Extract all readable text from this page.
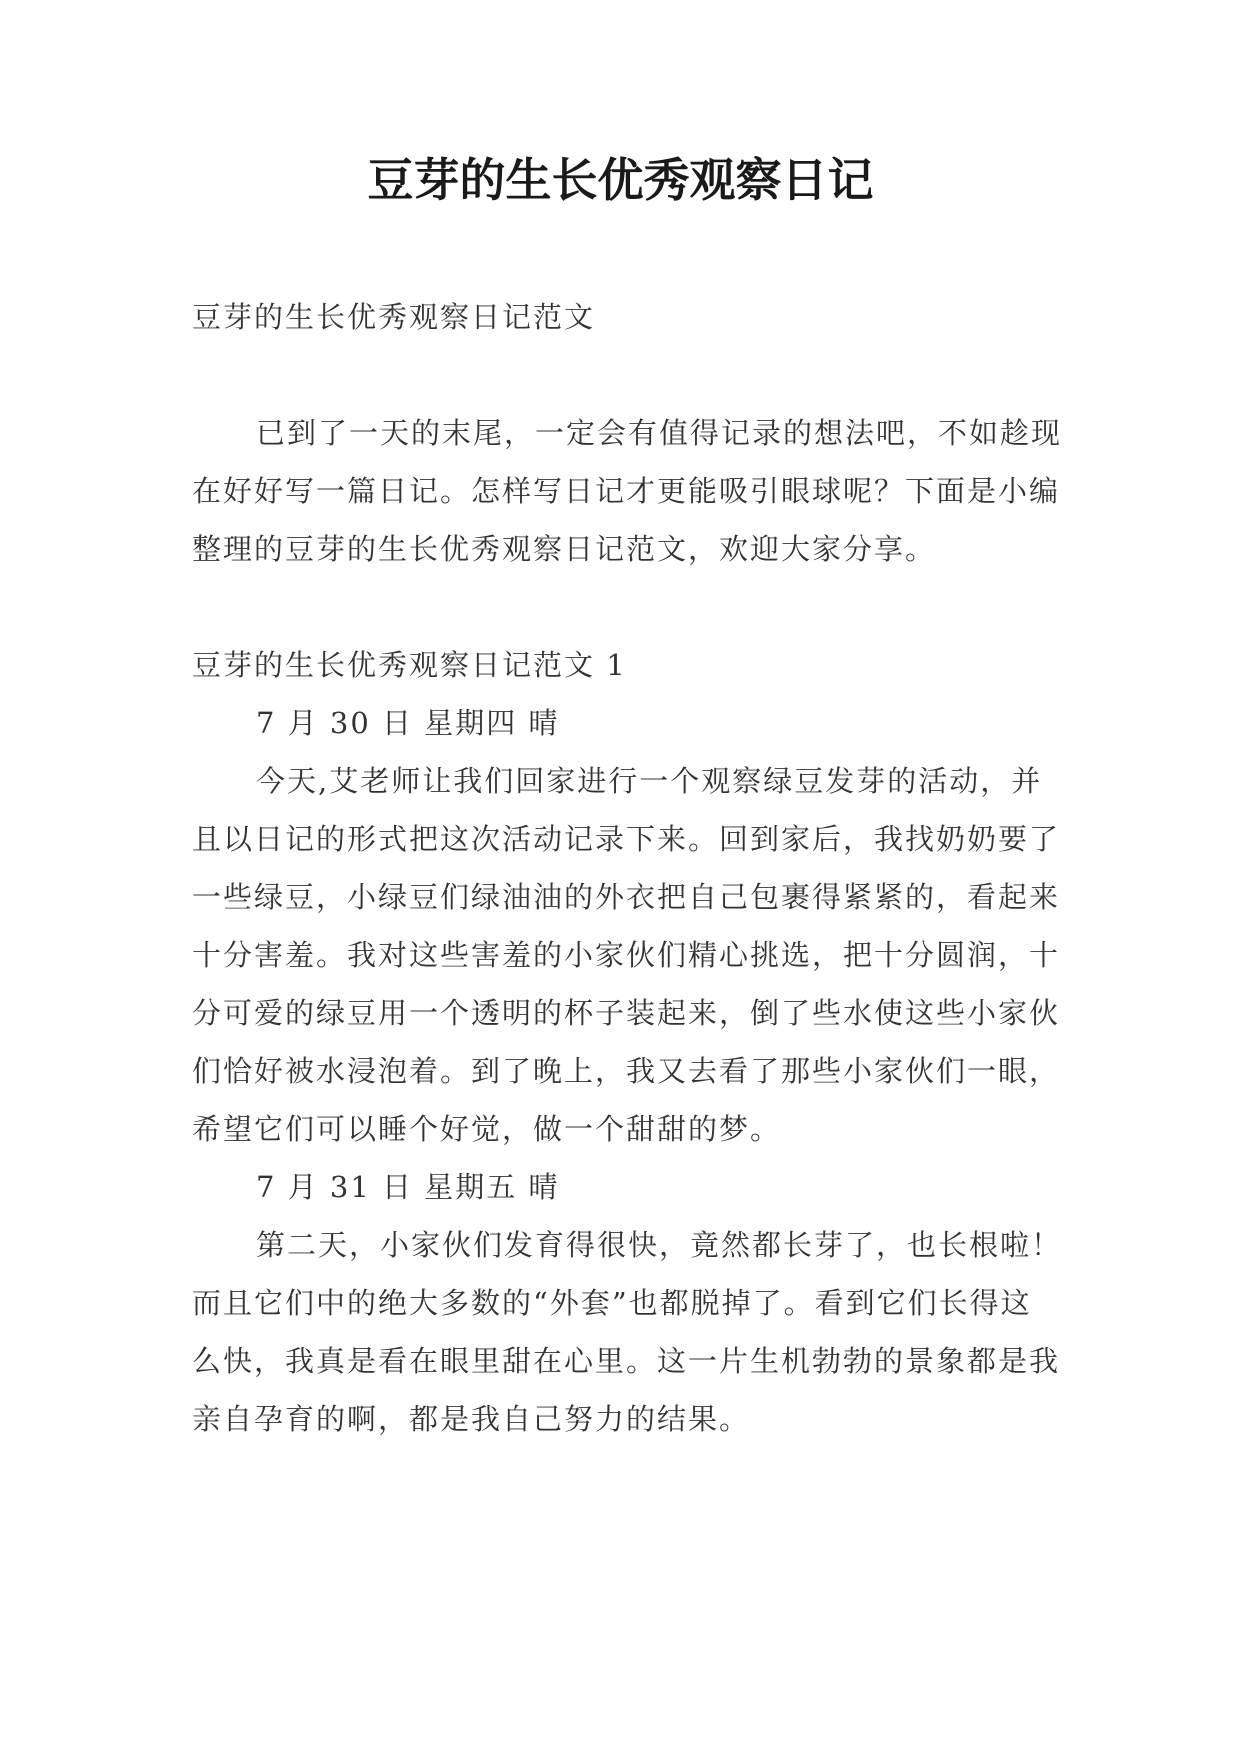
豆芽的生长优秀观察日记

豆芽的生长优秀观察日记范文

已到了一天的末尾，一定会有值得记录的想法吧，不如趁现在好好写一篇日记。怎样写日记才更能吸引眼球呢？下面是小编整理的豆芽的生长优秀观察日记范文，欢迎大家分享。

豆芽的生长优秀观察日记范文 1

7 月 30 日 星期四 晴

今天,艾老师让我们回家进行一个观察绿豆发芽的活动，并且以日记的形式把这次活动记录下来。回到家后，我找奶奶要了一些绿豆，小绿豆们绿油油的外衣把自己包裹得紧紧的，看起来十分害羞。我对这些害羞的小家伙们精心挑选，把十分圆润，十分可爱的绿豆用一个透明的杯子装起来，倒了些水使这些小家伙们恰好被水浸泡着。到了晚上，我又去看了那些小家伙们一眼，希望它们可以睡个好觉，做一个甜甜的梦。

7 月 31 日 星期五 晴

第二天，小家伙们发育得很快，竟然都长芽了，也长根啦！而且它们中的绝大多数的“外套”也都脱掉了。看到它们长得这么快，我真是看在眼里甜在心里。这一片生机勃勃的景象都是我亲自孕育的啊，都是我自己努力的结果。
